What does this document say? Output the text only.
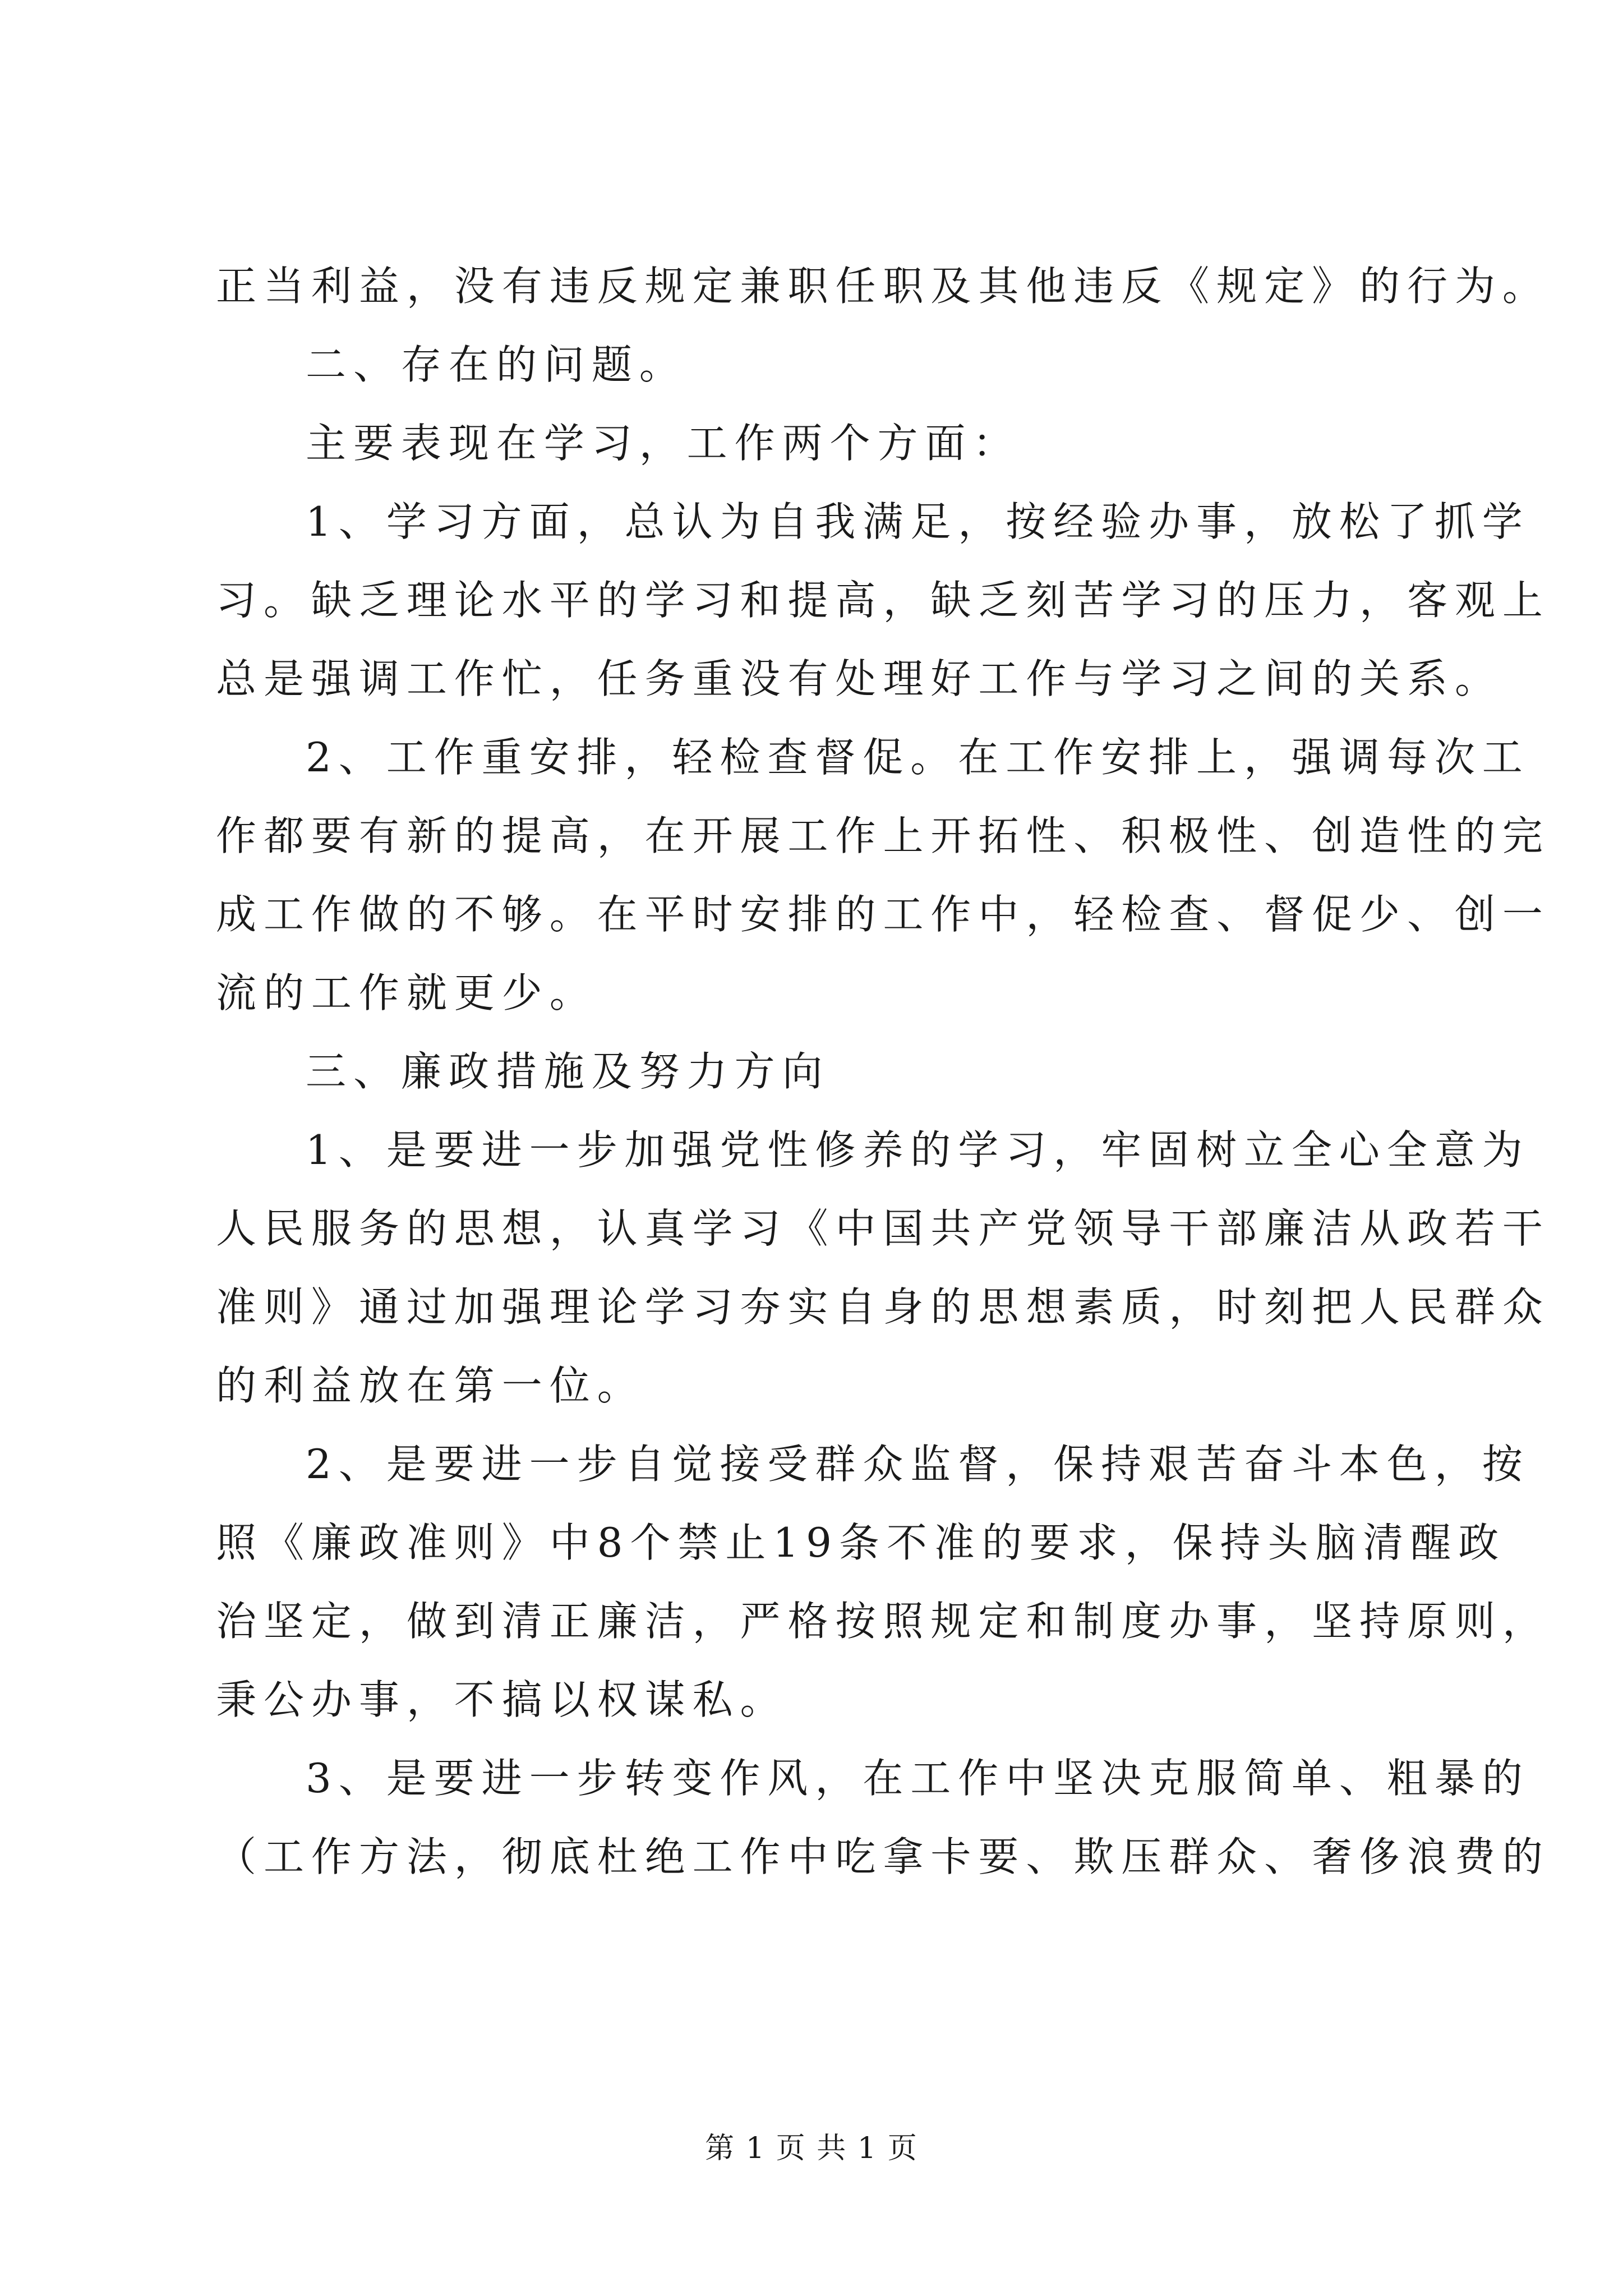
正当利益，没有违反规定兼职任职及其他违反《规定》的行为。
二、存在的问题。
主要表现在学习，工作两个方面：
1、学习方面，总认为自我满足，按经验办事，放松了抓学
习。缺乏理论水平的学习和提高，缺乏刻苦学习的压力，客观上
总是强调工作忙，任务重没有处理好工作与学习之间的关系。
2、工作重安排，轻检查督促。在工作安排上，强调每次工
作都要有新的提高，在开展工作上开拓性、积极性、创造性的完
成工作做的不够。在平时安排的工作中，轻检查、督促少、创一
流的工作就更少。
三、廉政措施及努力方向
1、是要进一步加强党性修养的学习，牢固树立全心全意为
人民服务的思想，认真学习《中国共产党领导干部廉洁从政若干
准则》通过加强理论学习夯实自身的思想素质，时刻把人民群众
的利益放在第一位。
2、是要进一步自觉接受群众监督，保持艰苦奋斗本色，按
照《廉政准则》中8个禁止19条不准的要求，保持头脑清醒政
治坚定，做到清正廉洁，严格按照规定和制度办事，坚持原则，
秉公办事，不搞以权谋私。
3、是要进一步转变作风，在工作中坚决克服简单、粗暴的
（工作方法，彻底杜绝工作中吃拿卡要、欺压群众、奢侈浪费的
第 1 页 共 1 页
